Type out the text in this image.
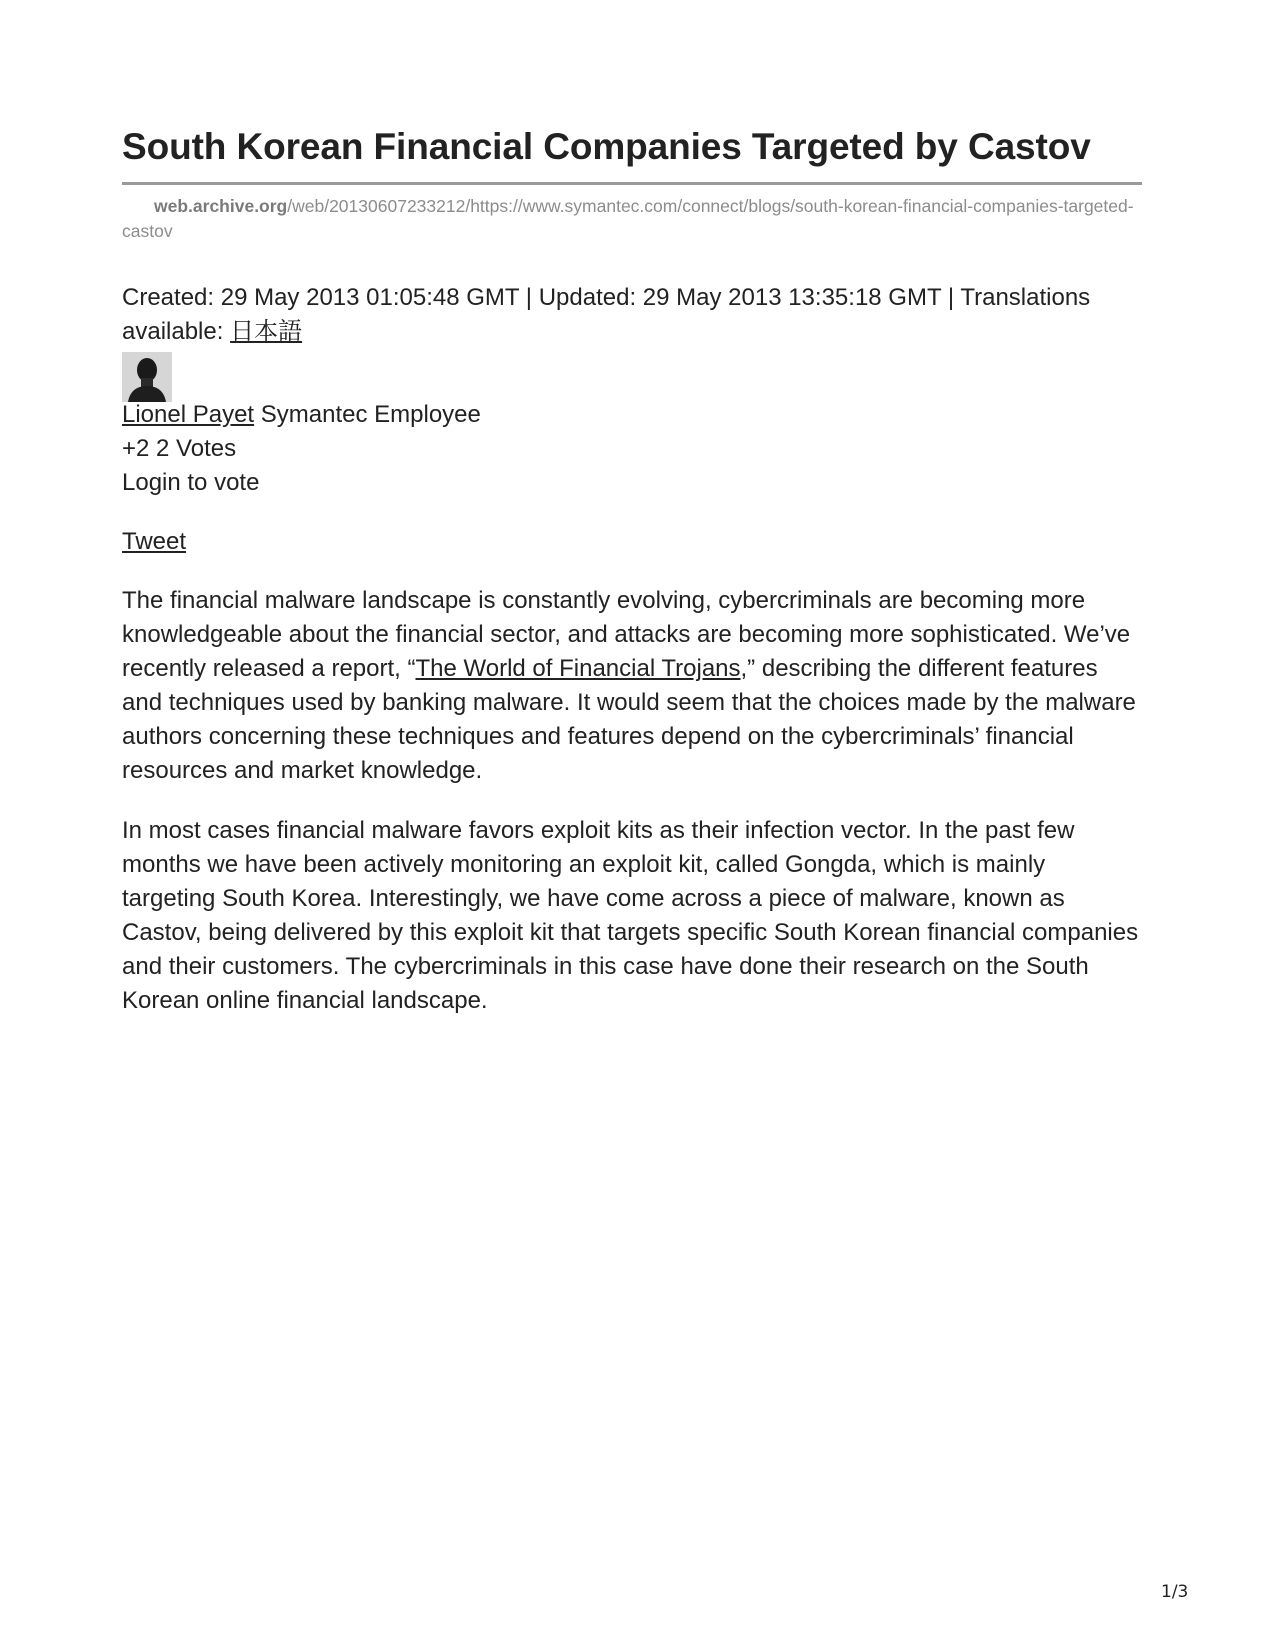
South Korean Financial Companies Targeted by Castov
web.archive.org/web/20130607233212/https://www.symantec.com/connect/blogs/south-korean-financial-companies-targeted-castov
Created: 29 May 2013 01:05:48 GMT | Updated: 29 May 2013 13:35:18 GMT | Translations available: 日本語
Lionel Payet Symantec Employee
+2 2 Votes
Login to vote
Tweet

The financial malware landscape is constantly evolving, cybercriminals are becoming more knowledgeable about the financial sector, and attacks are becoming more sophisticated. We’ve recently released a report, “The World of Financial Trojans,” describing the different features and techniques used by banking malware. It would seem that the choices made by the malware authors concerning these techniques and features depend on the cybercriminals’ financial resources and market knowledge.

In most cases financial malware favors exploit kits as their infection vector. In the past few months we have been actively monitoring an exploit kit, called Gongda, which is mainly targeting South Korea. Interestingly, we have come across a piece of malware, known as Castov, being delivered by this exploit kit that targets specific South Korean financial companies and their customers. The cybercriminals in this case have done their research on the South Korean online financial landscape.

1/3
